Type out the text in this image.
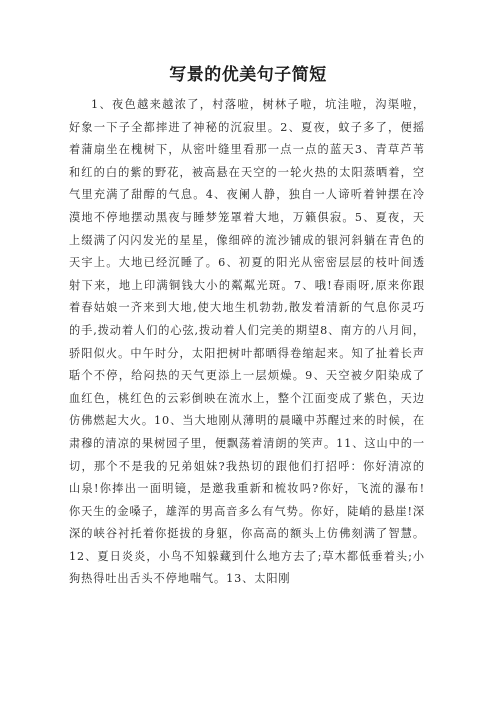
写景的优美句子简短

1、夜色越来越浓了，村落啦，树林子啦，坑洼啦，沟渠啦，好象一下子全都摔进了神秘的沉寂里。2、夏夜，蚊子多了，便摇着蒲扇坐在槐树下，从密叶缝里看那一点一点的蓝天3、青草芦苇和红的白的紫的野花，被高悬在天空的一轮火热的太阳蒸晒着，空气里充满了甜醇的气息。4、夜阑人静，独自一人谛听着钟摆在冷漠地不停地摆动黑夜与睡梦笼罩着大地，万籁俱寂。5、夏夜，天上缀满了闪闪发光的星星，像细碎的流沙铺成的银河斜躺在青色的天宇上。大地已经沉睡了。6、初夏的阳光从密密层层的枝叶间透射下来，地上印满铜钱大小的粼粼光斑。7、哦!春雨呀,原来你跟着春姑娘一齐来到大地,使大地生机勃勃,散发着清新的气息你灵巧的手,拨动着人们的心弦,拨动着人们完美的期望8、南方的八月间，骄阳似火。中午时分，太阳把树叶都晒得卷缩起来。知了扯着长声聒个不停，给闷热的天气更添上一层烦燥。9、天空被夕阳染成了血红色，桃红色的云彩倒映在流水上，整个江面变成了紫色，天边仿佛燃起大火。10、当大地刚从薄明的晨曦中苏醒过来的时候，在肃穆的清凉的果树园子里，便飘荡着清朗的笑声。11、这山中的一切，那个不是我的兄弟姐妹?我热切的跟他们打招呼：你好清凉的山泉!你捧出一面明镜，是邀我重新和梳妆吗?你好，飞流的瀑布!你天生的金嗓子，雄浑的男高音多么有气势。你好，陡峭的悬崖!深深的峡谷衬托着你挺拔的身躯，你高高的额头上仿佛刻满了智慧。12、夏日炎炎，小鸟不知躲藏到什么地方去了;草木都低垂着头;小狗热得吐出舌头不停地喘气。13、太阳刚
